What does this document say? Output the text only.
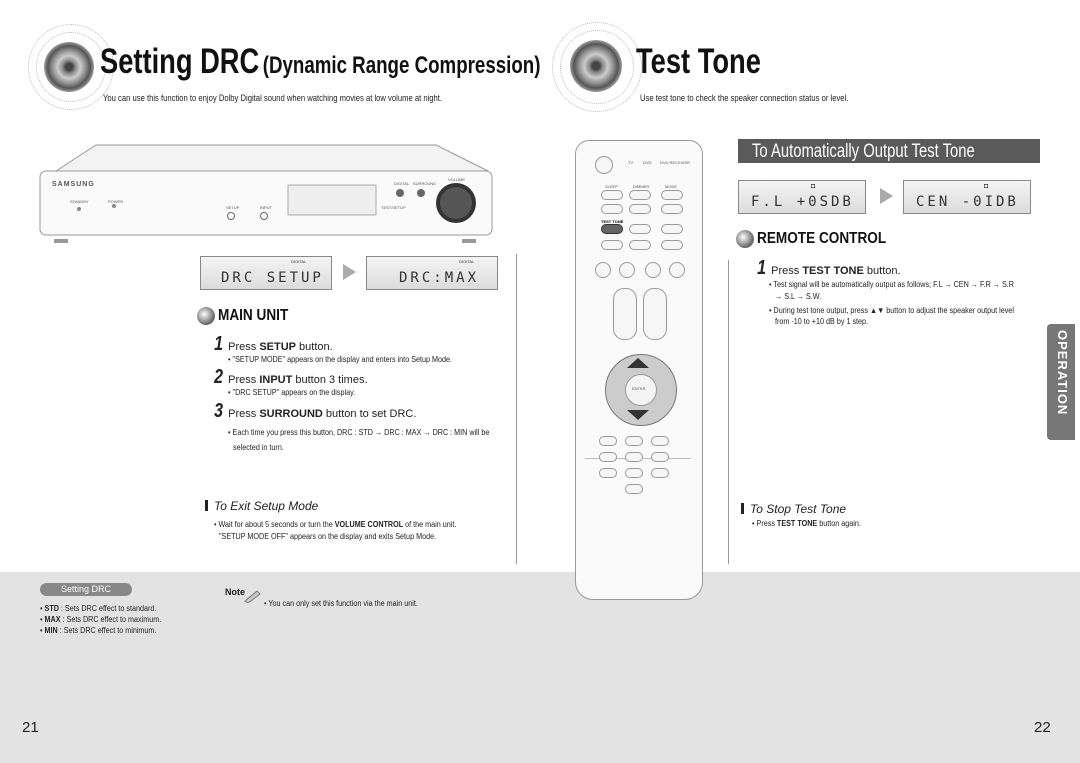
Setting DRC (Dynamic Range Compression)
You can use this function to enjoy Dolby Digital sound when watching movies at low volume at night.
SAMSUNG	DIGITAL SURROUND
SETUP	INPUT
STANDBY	POWER
VOLUME
TEST/SETUP
DIGITAL
DRC SETUP
DIGITAL
DRC:MAX
MAIN UNIT
1 Press SETUP button.
• "SETUP MODE" appears on the display and enters into Setup Mode.
2 Press INPUT button 3 times.
• "DRC SETUP" appears on the display.
3 Press SURROUND button to set DRC.
• Each time you press this button, DRC : STD → DRC : MAX → DRC : MIN will be
selected in turn.
To Exit Setup Mode
• Wait for about 5 seconds or turn the VOLUME CONTROL of the main unit.
"SETUP MODE OFF" appears on the display and exits Setup Mode.
Setting DRC
• STD : Sets DRC effect to standard.
• MAX : Sets DRC effect to maximum.
• MIN : Sets DRC effect to minimum.
Note
• You can only set this function via the main unit.
21
TV DVD DVD RECEIVER
SLEEP	DIMMER	MODE
TEST TONE
ENTER
Test Tone
Use test tone to check the speaker connection status or level.
To Automatically Output Test Tone
◘
F.L +0SDB
◘
CEN -0IDB
REMOTE CONTROL
1 Press TEST TONE button.
• Test signal will be automatically output as follows; F.L → CEN → F.R → S.R
→ S.L → S.W.
• During test tone output, press ▲▼ button to adjust the speaker output level
from -10 to +10 dB by 1 step.
To Stop Test Tone
• Press TEST TONE button again.
OPERATION
22
